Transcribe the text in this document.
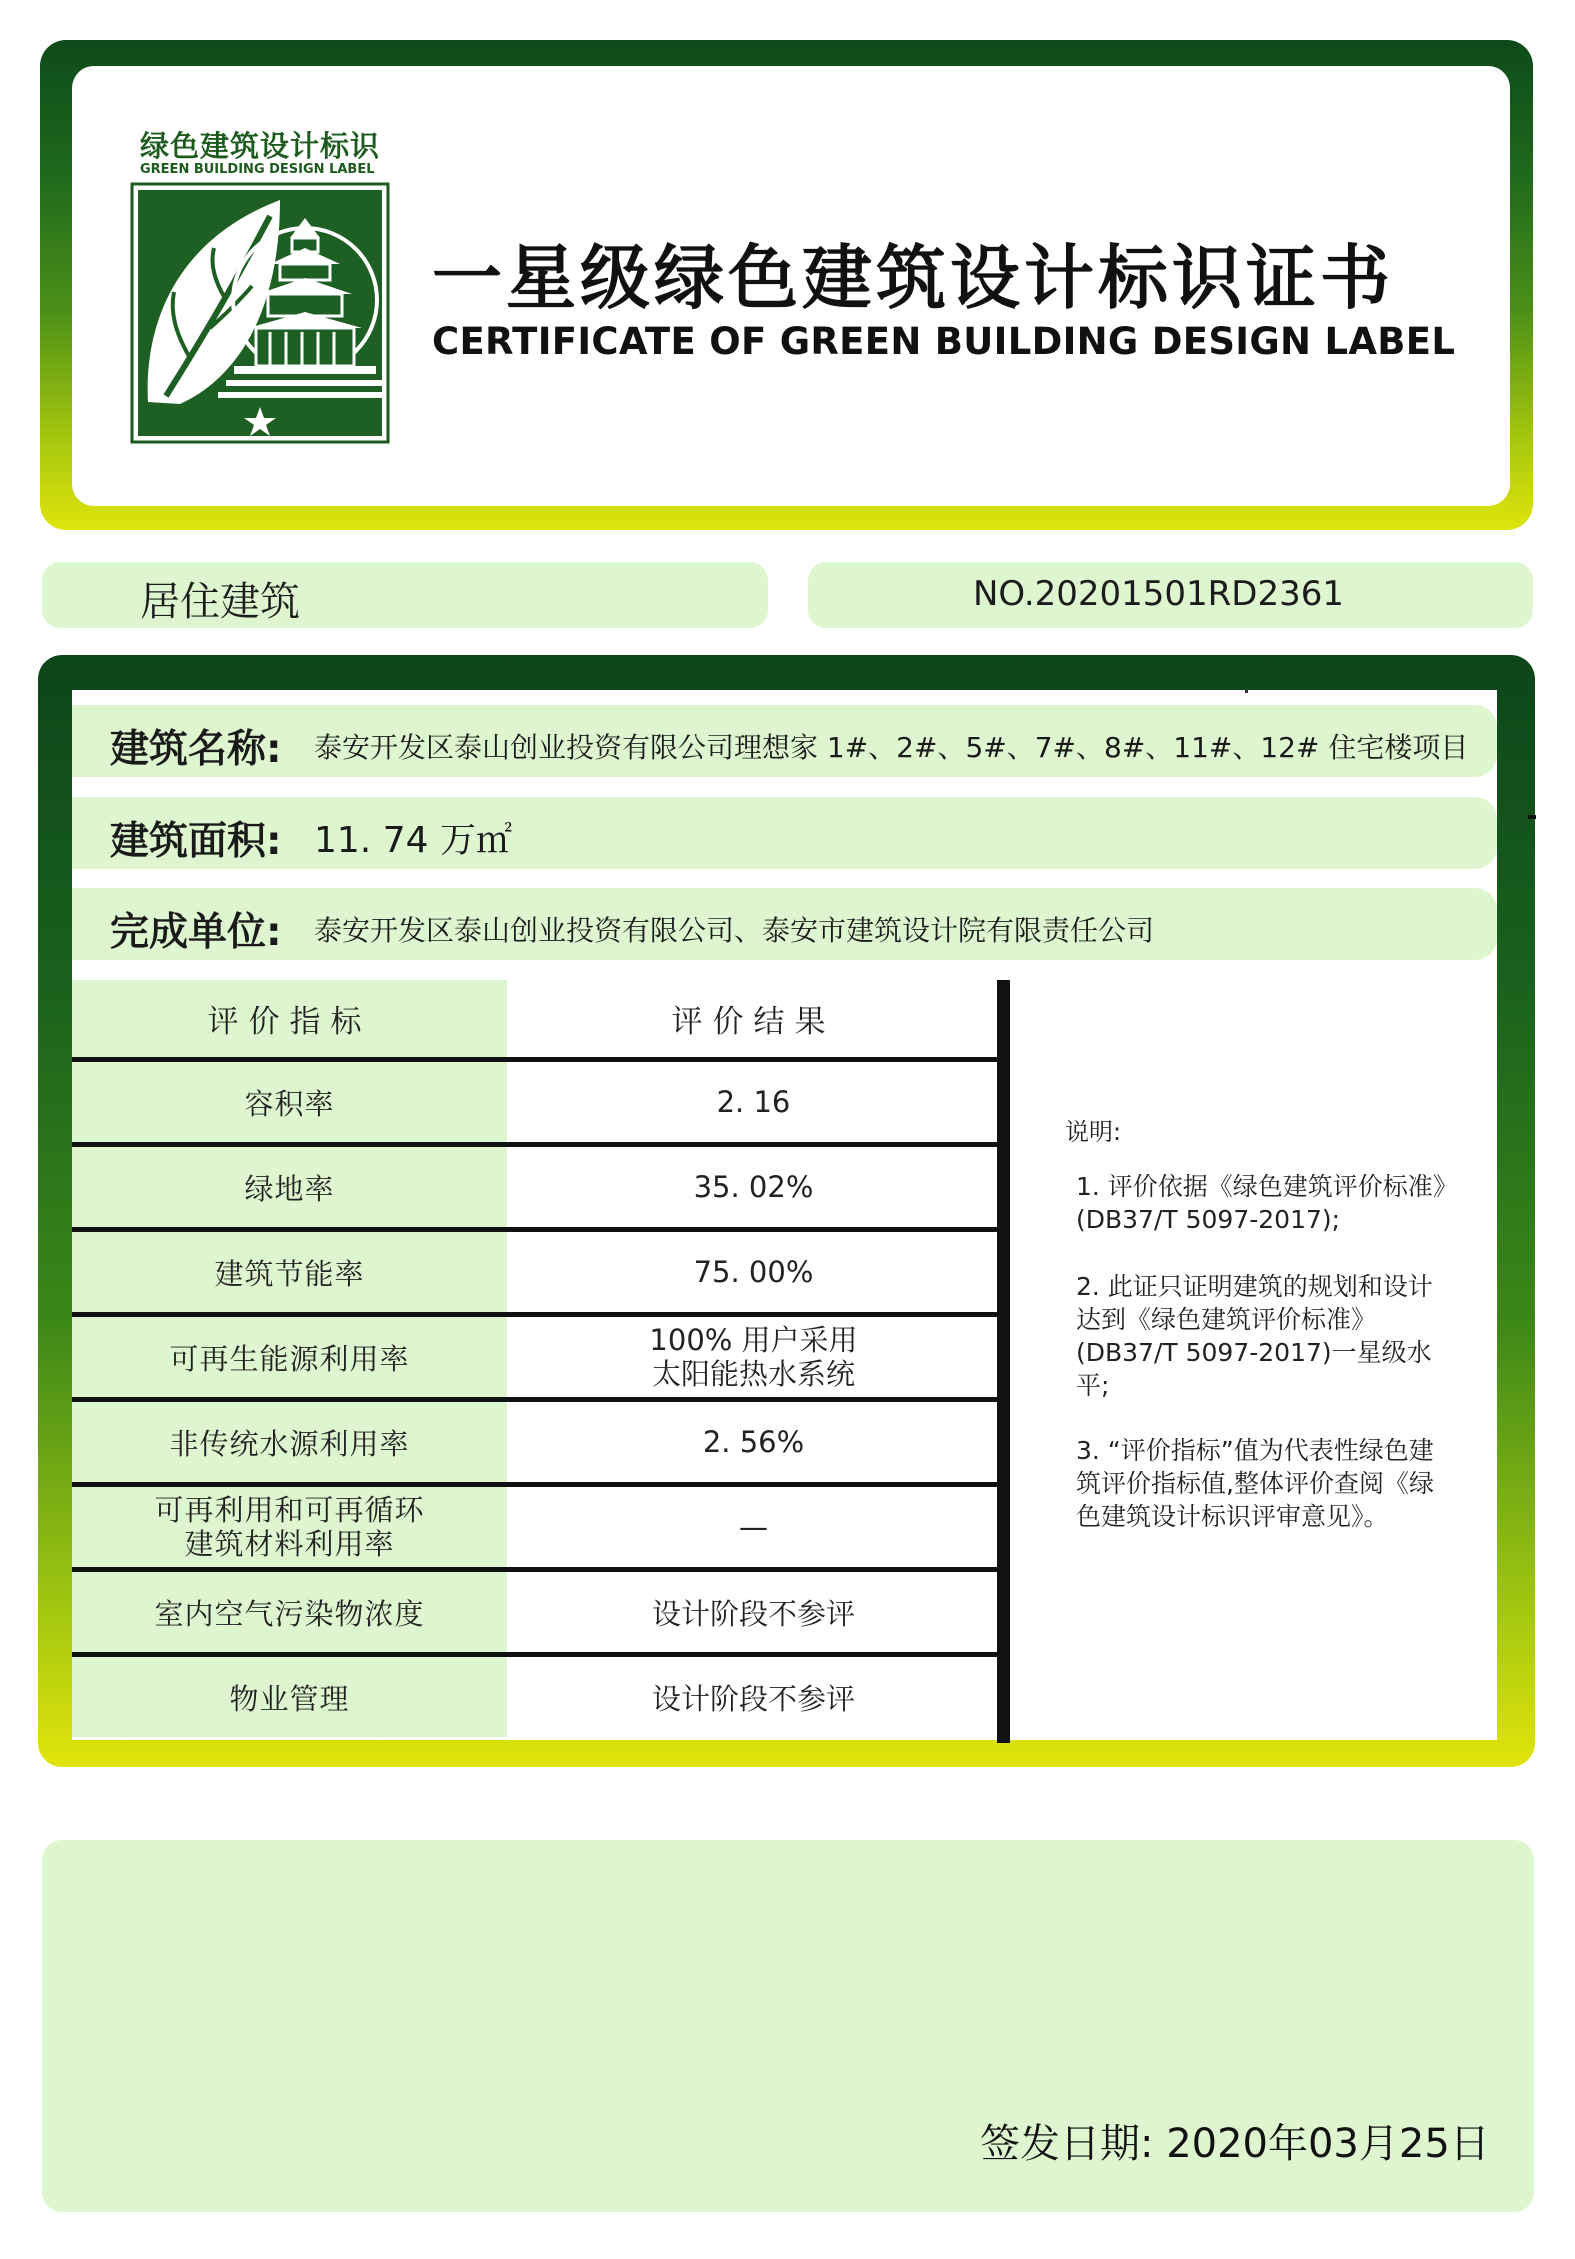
绿色建筑设计标识
GREEN BUILDING DESIGN LABEL
一星级绿色建筑设计标识证书
CERTIFICATE OF GREEN BUILDING DESIGN LABEL
居住建筑	NO.20201501RD2361
建筑名称: 泰安开发区泰山创业投资有限公司理想家 1#、2#、5#、7#、8#、11#、12# 住宅楼项目
建筑面积: 11. 74 万㎡
完成单位: 泰安开发区泰山创业投资有限公司、泰安市建筑设计院有限责任公司
评价指标	评价结果
容积率	2. 16
绿地率	35. 02%
建筑节能率	75. 00%
可再生能源利用率	100% 用户采用
太阳能热水系统

非传统水源利用率	2. 56%

可再利用和可再循环
建筑材料利用率	—
室内空气污染物浓度	设计阶段不参评
物业管理	设计阶段不参评
说明:
1. 评价依据《绿色建筑评价标准》(DB37/T 5097-2017);
2. 此证只证明建筑的规划和设计达到《绿色建筑评价标准》(DB37/T 5097-2017)一星级水平;
3. “评价指标”值为代表性绿色建筑评价指标值,整体评价查阅《绿色建筑设计标识评审意见》。
签发日期: 2020年03月25日
